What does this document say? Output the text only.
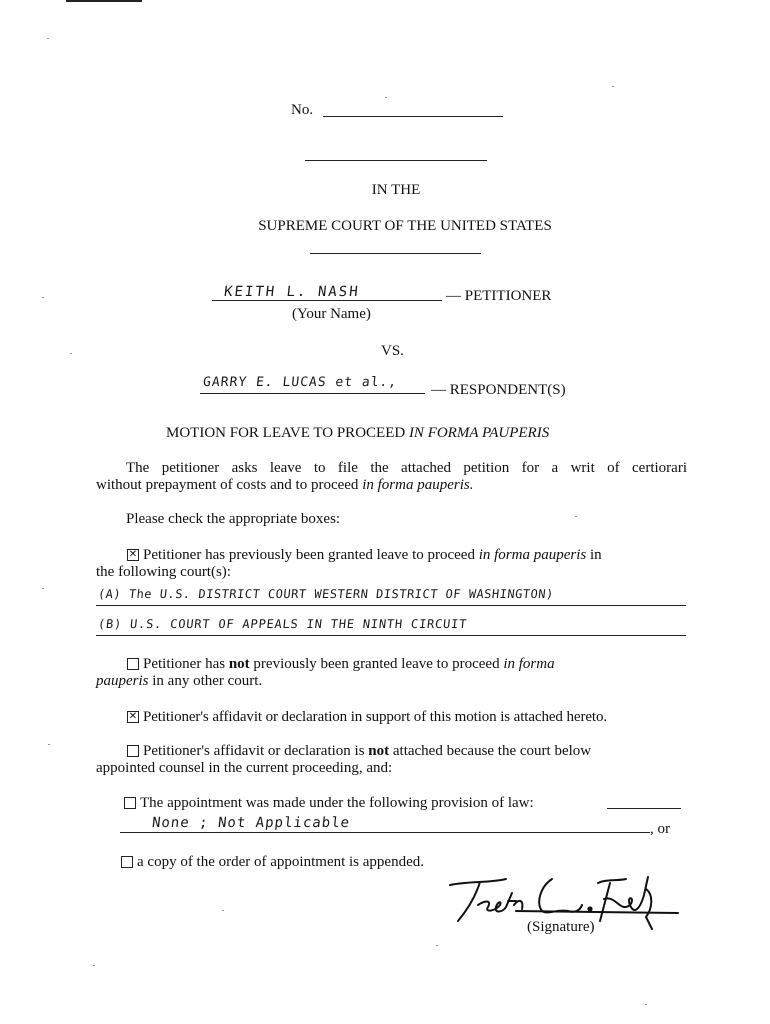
No.
IN THE
SUPREME COURT OF THE UNITED STATES
KEITH L. NASH	— PETITIONER
(Your Name)
VS.
GARRY E. LUCAS et al., — RESPONDENT(S)
MOTION FOR LEAVE TO PROCEED IN FORMA PAUPERIS
The petitioner asks leave to file the attached petition for a writ of certiorari
without prepayment of costs and to proceed in forma pauperis.
Please check the appropriate boxes:
✕ Petitioner has previously been granted leave to proceed in forma pauperis in
the following court(s):
(A) The U.S. DISTRICT COURT WESTERN DISTRICT OF WASHINGTON)
(B) U.S. COURT OF APPEALS IN THE NINTH CIRCUIT
Petitioner has not previously been granted leave to proceed in forma
pauperis in any other court.
✕ Petitioner's affidavit or declaration in support of this motion is attached hereto.
Petitioner's affidavit or declaration is not attached because the court below
appointed counsel in the current proceeding, and:
The appointment was made under the following provision of law:
None ; Not Applicable	, or
a copy of the order of appointment is appended.
(Signature)
